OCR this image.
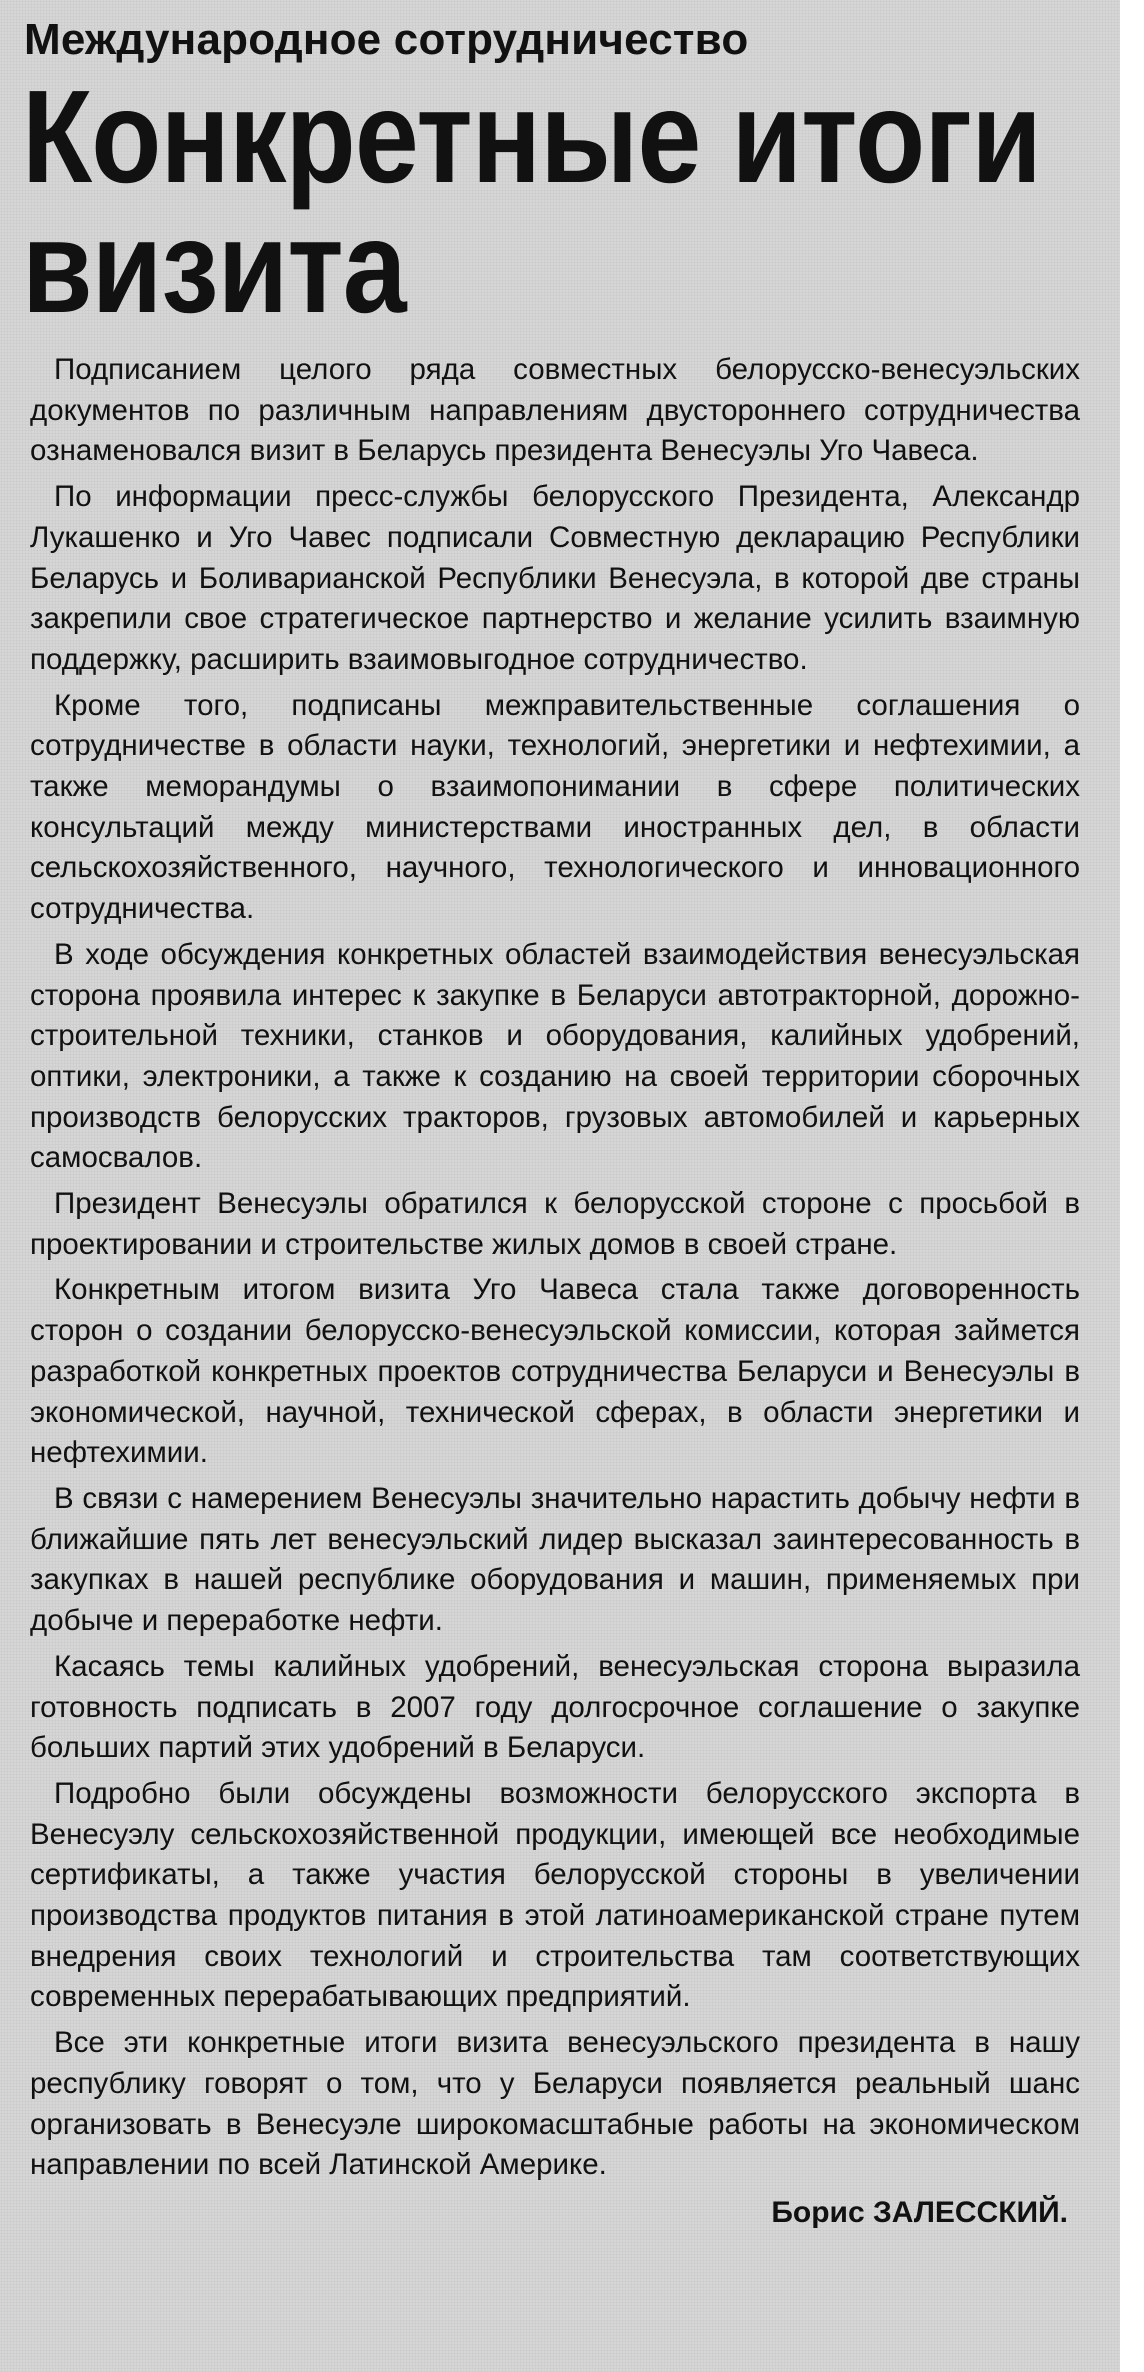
Международное сотрудничество
Конкретные итоги
визита

Подписанием целого ряда совместных белорусско-венесуэльских документов по различным направлениям двустороннего сотрудничества ознаменовался визит в Беларусь президента Венесуэлы Уго Чавеса.

По информации пресс-службы белорусского Президента, Александр Лукашенко и Уго Чавес подписали Совместную декларацию Республики Беларусь и Боливарианской Республики Венесуэла, в которой две страны закрепили свое стратегическое партнерство и желание усилить взаимную поддержку, расширить взаимовыгодное сотрудничество.

Кроме того, подписаны межправительственные соглашения о сотрудничестве в области науки, технологий, энергетики и нефтехимии, а также меморандумы о взаимопонимании в сфере политических консультаций между министерствами иностранных дел, в области сельскохозяйственного, научного, технологического и инновационного сотрудничества.

В ходе обсуждения конкретных областей взаимодействия венесуэльская сторона проявила интерес к закупке в Беларуси автотракторной, дорожно-строительной техники, станков и оборудования, калийных удобрений, оптики, электроники, а также к созданию на своей территории сборочных производств белорусских тракторов, грузовых автомобилей и карьерных самосвалов.

Президент Венесуэлы обратился к белорусской стороне с просьбой в проектировании и строительстве жилых домов в своей стране.

Конкретным итогом визита Уго Чавеса стала также договоренность сторон о создании белорусско-венесуэльской комиссии, которая займется разработкой конкретных проектов сотрудничества Беларуси и Венесуэлы в экономической, научной, технической сферах, в области энергетики и нефтехимии.

В связи с намерением Венесуэлы значительно нарастить добычу нефти в ближайшие пять лет венесуэльский лидер высказал заинтересованность в закупках в нашей республике оборудования и машин, применяемых при добыче и переработке нефти.

Касаясь темы калийных удобрений, венесуэльская сторона выразила готовность подписать в 2007 году долгосрочное соглашение о закупке больших партий этих удобрений в Беларуси.

Подробно были обсуждены возможности белорусского экспорта в Венесуэлу сельскохозяйственной продукции, имеющей все необходимые сертификаты, а также участия белорусской стороны в увеличении производства продуктов питания в этой латиноамериканской стране путем внедрения своих технологий и строительства там соответствующих современных перерабатывающих предприятий.

Все эти конкретные итоги визита венесуэльского президента в нашу республику говорят о том, что у Беларуси появляется реальный шанс организовать в Венесуэле широкомасштабные работы на экономическом направлении по всей Латинской Америке.

Борис ЗАЛЕССКИЙ.
